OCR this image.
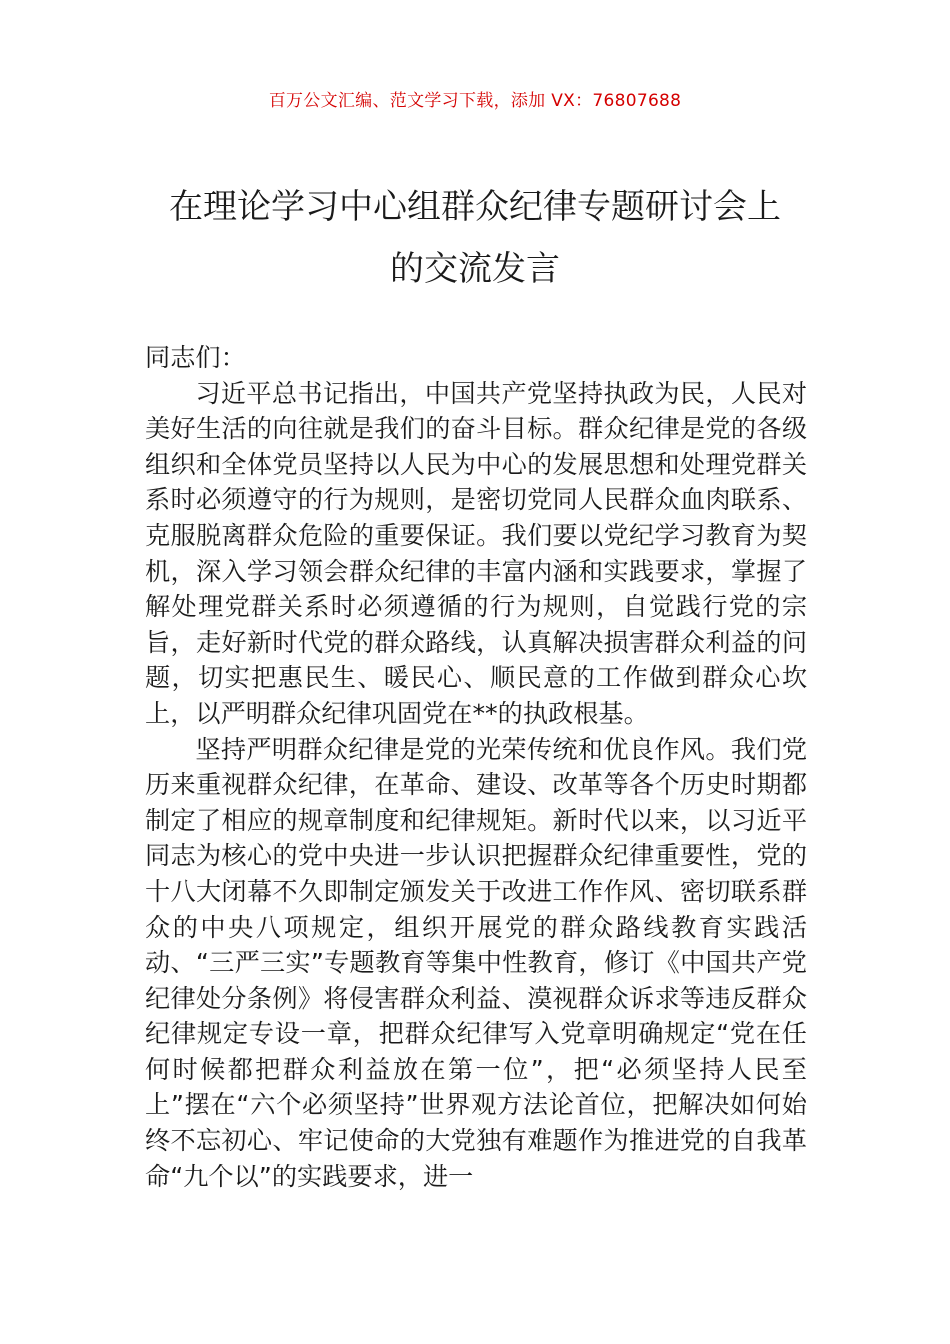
百万公文汇编、范文学习下载，添加 VX：76807688
在理论学习中心组群众纪律专题研讨会上
的交流发言

同志们：

习近平总书记指出，中国共产党坚持执政为民，人民对美好生活的向往就是我们的奋斗目标。群众纪律是党的各级组织和全体党员坚持以人民为中心的发展思想和处理党群关系时必须遵守的行为规则，是密切党同人民群众血肉联系、克服脱离群众危险的重要保证。我们要以党纪学习教育为契机，深入学习领会群众纪律的丰富内涵和实践要求，掌握了解处理党群关系时必须遵循的行为规则，自觉践行党的宗旨，走好新时代党的群众路线，认真解决损害群众利益的问题，切实把惠民生、暖民心、顺民意的工作做到群众心坎上，以严明群众纪律巩固党在**的执政根基。

坚持严明群众纪律是党的光荣传统和优良作风。我们党历来重视群众纪律，在革命、建设、改革等各个历史时期都制定了相应的规章制度和纪律规矩。新时代以来，以习近平同志为核心的党中央进一步认识把握群众纪律重要性，党的十八大闭幕不久即制定颁发关于改进工作作风、密切联系群众的中央八项规定，组织开展党的群众路线教育实践活动、“三严三实”专题教育等集中性教育，修订《中国共产党纪律处分条例》将侵害群众利益、漠视群众诉求等违反群众纪律规定专设一章，把群众纪律写入党章明确规定“党在任何时候都把群众利益放在第一位”，把“必须坚持人民至上”摆在“六个必须坚持”世界观方法论首位，把解决如何始终不忘初心、牢记使命的大党独有难题作为推进党的自我革命“九个以”的实践要求，进一
